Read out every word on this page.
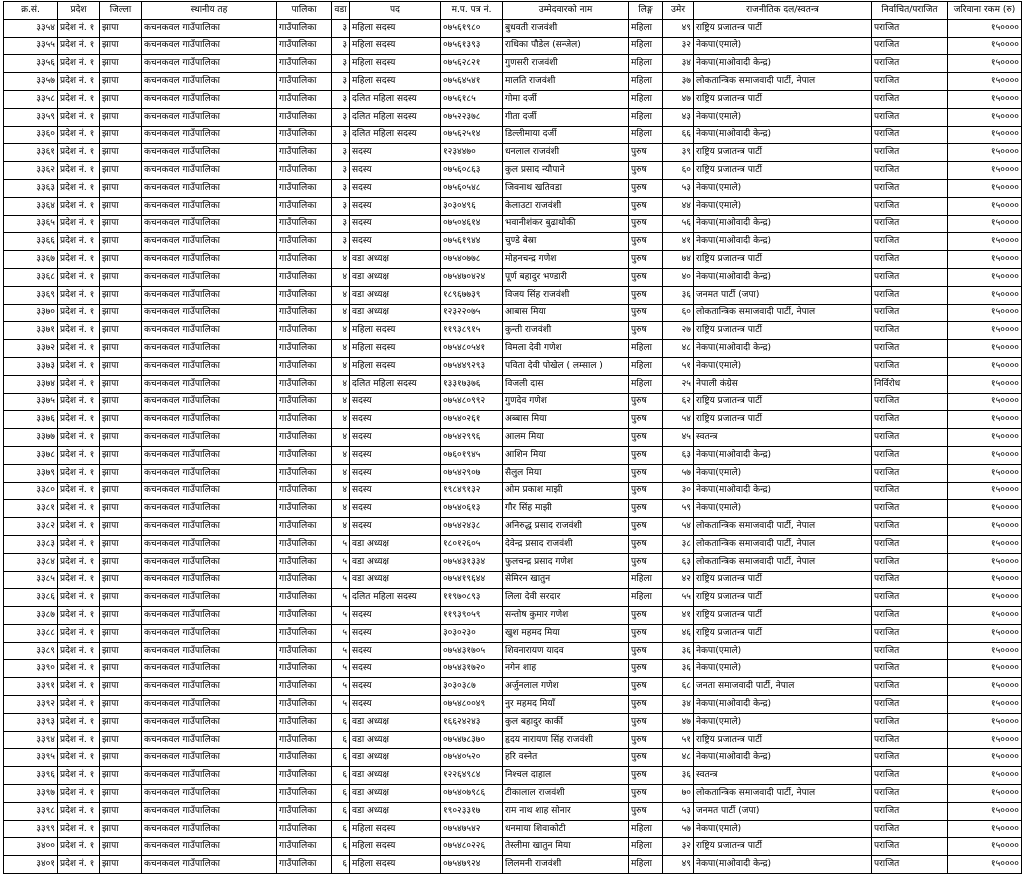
क्र.सं.	प्रदेश	जिल्ला	स्थानीय तह	पालिका	वडा	पद	म.प. पत्र नं.	उम्मेदवारको नाम	लिङ्ग	उमेर	राजनीतिक दल/स्वतन्त्र	निर्वाचित/पराजित	जरिवाना रकम (रु)
३३५४	प्रदेश नं. १	झापा	कचनकवल गाउँपालिका	गाउँपालिका	३	महिला सदस्य	०७५६१९८०	बुधवती राजवंशी	महिला	४९	राष्ट्रिय प्रजातन्त्र पार्टी	पराजित	१५००००
३३५५	प्रदेश नं. १	झापा	कचनकवल गाउँपालिका	गाउँपालिका	३	महिला सदस्य	०७५६१३९३	राधिका पौडेल (सन्जेल)	महिला	३२	नेकपा(एमाले)	पराजित	१५००००
३३५६	प्रदेश नं. १	झापा	कचनकवल गाउँपालिका	गाउँपालिका	३	महिला सदस्य	०७५६२८२१	गुणसरी राजवंशी	महिला	३४	नेकपा(माओवादी केन्द्र)	पराजित	१५००००
३३५७	प्रदेश नं. १	झापा	कचनकवल गाउँपालिका	गाउँपालिका	३	महिला सदस्य	०७५६४५४१	मालति राजवंशी	महिला	३७	लोकतान्त्रिक समाजवादी पार्टी, नेपाल	पराजित	१५००००
३३५८	प्रदेश नं. १	झापा	कचनकवल गाउँपालिका	गाउँपालिका	३	दलित महिला सदस्य	०७५६१८५	गोमा दर्जी	महिला	४७	राष्ट्रिय प्रजातन्त्र पार्टी	पराजित	१५००००
३३५९	प्रदेश नं. १	झापा	कचनकवल गाउँपालिका	गाउँपालिका	३	दलित महिला सदस्य	०७५२२३७८	गीता दर्जी	महिला	४३	नेकपा(एमाले)	पराजित	१५००००
३३६०	प्रदेश नं. १	झापा	कचनकवल गाउँपालिका	गाउँपालिका	३	दलित महिला सदस्य	०७५६२५१४	डिल्लीमाया दर्जी	महिला	६६	नेकपा(माओवादी केन्द्र)	पराजित	१५००००
३३६१	प्रदेश नं. १	झापा	कचनकवल गाउँपालिका	गाउँपालिका	३	सदस्य	१२३४४७०	धनलाल राजवंशी	पुरुष	३९	राष्ट्रिय प्रजातन्त्र पार्टी	पराजित	१५००००
३३६२	प्रदेश नं. १	झापा	कचनकवल गाउँपालिका	गाउँपालिका	३	सदस्य	०७५६०८६३	कुल प्रसाद न्यौपाने	पुरुष	६०	राष्ट्रिय प्रजातन्त्र पार्टी	पराजित	१५००००
३३६३	प्रदेश नं. १	झापा	कचनकवल गाउँपालिका	गाउँपालिका	३	सदस्य	०७५६०५४८	जिवनाथ खतिवडा	पुरुष	५३	नेकपा(एमाले)	पराजित	१५००००
३३६४	प्रदेश नं. १	झापा	कचनकवल गाउँपालिका	गाउँपालिका	३	सदस्य	३०३०४९६	केलाउटा राजवंशी	पुरुष	४४	नेकपा(एमाले)	पराजित	१५००००
३३६५	प्रदेश नं. १	झापा	कचनकवल गाउँपालिका	गाउँपालिका	३	सदस्य	०७५०४६१४	भवानीशंकर बुढाथोकी	पुरुष	५६	नेकपा(माओवादी केन्द्र)	पराजित	१५००००
३३६६	प्रदेश नं. १	झापा	कचनकवल गाउँपालिका	गाउँपालिका	३	सदस्य	०७५६१९४४	चुण्डे बेस्रा	पुरुष	४१	नेकपा(माओवादी केन्द्र)	पराजित	१५००००
३३६७	प्रदेश नं. १	झापा	कचनकवल गाउँपालिका	गाउँपालिका	४	वडा अध्यक्ष	०७५४०७७८	मोहनचन्द्र गणेश	पुरुष	७४	राष्ट्रिय प्रजातन्त्र पार्टी	पराजित	१५००००
३३६८	प्रदेश नं. १	झापा	कचनकवल गाउँपालिका	गाउँपालिका	४	वडा अध्यक्ष	०७५४७०४२४	पूर्ण बहादुर भण्डारी	पुरुष	४०	नेकपा(माओवादी केन्द्र)	पराजित	१५००००
३३६९	प्रदेश नं. १	झापा	कचनकवल गाउँपालिका	गाउँपालिका	४	वडा अध्यक्ष	१८९६७७३९	विजय सिंह राजवंशी	पुरुष	३६	जनमत पार्टी (जपा)	पराजित	१५००००
३३७०	प्रदेश नं. १	झापा	कचनकवल गाउँपालिका	गाउँपालिका	४	वडा अध्यक्ष	१२३२२०७५	आबास मिया	पुरुष	६०	लोकतान्त्रिक समाजवादी पार्टी, नेपाल	पराजित	१५००००
३३७१	प्रदेश नं. १	झापा	कचनकवल गाउँपालिका	गाउँपालिका	४	महिला सदस्य	११९३८९१५	कुन्ती राजवंशी	पुरुष	२७	राष्ट्रिय प्रजातन्त्र पार्टी	पराजित	१५००००
३३७२	प्रदेश नं. १	झापा	कचनकवल गाउँपालिका	गाउँपालिका	४	महिला सदस्य	०७५४८०५४१	विमला देवी गणेश	महिला	४८	नेकपा(माओवादी केन्द्र)	पराजित	१५००००
३३७३	प्रदेश नं. १	झापा	कचनकवल गाउँपालिका	गाउँपालिका	४	महिला सदस्य	०७५४४९२९३	पविता देवी पोखेल ( लम्साल )	महिला	५१	नेकपा(एमाले)	पराजित	१५००००
३३७४	प्रदेश नं. १	झापा	कचनकवल गाउँपालिका	गाउँपालिका	४	दलित महिला सदस्य	१३३१७३७६	विजली दास	महिला	२५	नेपाली कंग्रेस	निर्विरोध	१५००००
३३७५	प्रदेश नं. १	झापा	कचनकवल गाउँपालिका	गाउँपालिका	४	सदस्य	०७५४८०९९२	गुणदेव गणेश	पुरुष	६२	राष्ट्रिय प्रजातन्त्र पार्टी	पराजित	१५००००
३३७६	प्रदेश नं. १	झापा	कचनकवल गाउँपालिका	गाउँपालिका	४	सदस्य	०७५४०२६१	अब्बास मिया	पुरुष	५४	राष्ट्रिय प्रजातन्त्र पार्टी	पराजित	१५००००
३३७७	प्रदेश नं. १	झापा	कचनकवल गाउँपालिका	गाउँपालिका	४	सदस्य	०७५४२९९६	आलम मिया	पुरुष	४५	स्वतन्त्र	पराजित	१५००००
३३७८	प्रदेश नं. १	झापा	कचनकवल गाउँपालिका	गाउँपालिका	४	सदस्य	०७६०१९४५	आशिन मिया	पुरुष	६३	नेकपा(माओवादी केन्द्र)	पराजित	१५००००
३३७९	प्रदेश नं. १	झापा	कचनकवल गाउँपालिका	गाउँपालिका	४	सदस्य	०७५४२९०७	सैलुल मिया	पुरुष	५७	नेकपा(एमाले)	पराजित	१५००००
३३८०	प्रदेश नं. १	झापा	कचनकवल गाउँपालिका	गाउँपालिका	४	सदस्य	१९८४९१३२	ओम प्रकाश माझी	पुरुष	३०	नेकपा(माओवादी केन्द्र)	पराजित	१५००००
३३८१	प्रदेश नं. १	झापा	कचनकवल गाउँपालिका	गाउँपालिका	४	सदस्य	०७५४०६१३	गौर सिंह माझी	पुरुष	५९	नेकपा(एमाले)	पराजित	१५००००
३३८२	प्रदेश नं. १	झापा	कचनकवल गाउँपालिका	गाउँपालिका	४	सदस्य	०७५४२४३८	अनिरुद्ध प्रसाद राजवंशी	पुरुष	५४	लोकतान्त्रिक समाजवादी पार्टी, नेपाल	पराजित	१५००००
३३८३	प्रदेश नं. १	झापा	कचनकवल गाउँपालिका	गाउँपालिका	५	वडा अध्यक्ष	१८०१२६०५	देवेन्द्र प्रसाद राजवंशी	पुरुष	३८	लोकतान्त्रिक समाजवादी पार्टी, नेपाल	पराजित	१५००००
३३८४	प्रदेश नं. १	झापा	कचनकवल गाउँपालिका	गाउँपालिका	५	वडा अध्यक्ष	०७५४३१३३४	फुलचन्द्र प्रसाद गणेश	पुरुष	६३	लोकतान्त्रिक समाजवादी पार्टी, नेपाल	पराजित	१५००००
३३८५	प्रदेश नं. १	झापा	कचनकवल गाउँपालिका	गाउँपालिका	५	वडा अध्यक्ष	०७५४१९६४४	सेमिरन खातुन	महिला	४२	राष्ट्रिय प्रजातन्त्र पार्टी	पराजित	१५००००
३३८६	प्रदेश नं. १	झापा	कचनकवल गाउँपालिका	गाउँपालिका	५	दलित महिला सदस्य	११९७०८९३	लिला देवी सरदार	महिला	५५	राष्ट्रिय प्रजातन्त्र पार्टी	पराजित	१५००००
३३८७	प्रदेश नं. १	झापा	कचनकवल गाउँपालिका	गाउँपालिका	५	सदस्य	११९३९०५९	सन्तोष कुमार गणेश	पुरुष	४१	राष्ट्रिय प्रजातन्त्र पार्टी	पराजित	१५००००
३३८८	प्रदेश नं. १	झापा	कचनकवल गाउँपालिका	गाउँपालिका	५	सदस्य	३०३०२३०	खुश महमद मिया	पुरुष	४६	राष्ट्रिय प्रजातन्त्र पार्टी	पराजित	१५००००
३३८९	प्रदेश नं. १	झापा	कचनकवल गाउँपालिका	गाउँपालिका	५	सदस्य	०७५४३१७०५	शिवनारायण यादव	पुरुष	३६	नेकपा(एमाले)	पराजित	१५००००
३३९०	प्रदेश नं. १	झापा	कचनकवल गाउँपालिका	गाउँपालिका	५	सदस्य	०७५४३१७२०	नगेन शाह	पुरुष	३६	नेकपा(एमाले)	पराजित	१५००००
३३९१	प्रदेश नं. १	झापा	कचनकवल गाउँपालिका	गाउँपालिका	५	सदस्य	३०३०३८७	अर्जुनलाल गणेश	पुरुष	६८	जनता समाजवादी पार्टी, नेपाल	पराजित	१५००००
३३९२	प्रदेश नं. १	झापा	कचनकवल गाउँपालिका	गाउँपालिका	५	सदस्य	०७५४८००४९	नुर महमद मियाँ	पुरुष	३४	नेकपा(माओवादी केन्द्र)	पराजित	१५००००
३३९३	प्रदेश नं. १	झापा	कचनकवल गाउँपालिका	गाउँपालिका	६	वडा अध्यक्ष	१६६२४२४३	कुल बहादुर कार्की	पुरुष	४७	नेकपा(एमाले)	पराजित	१५००००
३३९४	प्रदेश नं. १	झापा	कचनकवल गाउँपालिका	गाउँपालिका	६	वडा अध्यक्ष	०७५४७८३७०	हृदय नारायण सिंह राजवंशी	पुरुष	५१	राष्ट्रिय प्रजातन्त्र पार्टी	पराजित	१५००००
३३९५	प्रदेश नं. १	झापा	कचनकवल गाउँपालिका	गाउँपालिका	६	वडा अध्यक्ष	०७५४०५२०	हरि वस्नेत	पुरुष	४८	नेकपा(माओवादी केन्द्र)	पराजित	१५००००
३३९६	प्रदेश नं. १	झापा	कचनकवल गाउँपालिका	गाउँपालिका	६	वडा अध्यक्ष	१२२६४९८४	निश्चल दाहाल	पुरुष	३६	स्वतन्त्र	पराजित	१५००००
३३९७	प्रदेश नं. १	झापा	कचनकवल गाउँपालिका	गाउँपालिका	६	वडा अध्यक्ष	०७५४०७९८६	टीकालाल राजवंशी	पुरुष	७०	लोकतान्त्रिक समाजवादी पार्टी, नेपाल	पराजित	१५००००
३३९८	प्रदेश नं. १	झापा	कचनकवल गाउँपालिका	गाउँपालिका	६	वडा अध्यक्ष	१९०२३३१७	राम नाथ शाह सोनार	पुरुष	५३	जनमत पार्टी (जपा)	पराजित	१५००००
३३९९	प्रदेश नं. १	झापा	कचनकवल गाउँपालिका	गाउँपालिका	६	महिला सदस्य	०७५४७५४२	धनमाया शिवाकोटी	महिला	५७	नेकपा(एमाले)	पराजित	१५००००
३४००	प्रदेश नं. १	झापा	कचनकवल गाउँपालिका	गाउँपालिका	६	महिला सदस्य	०७५४८०२२६	तेस्लीमा खातुन मिया	महिला	३२	राष्ट्रिय प्रजातन्त्र पार्टी	पराजित	१५००००
३४०१	प्रदेश नं. १	झापा	कचनकवल गाउँपालिका	गाउँपालिका	६	महिला सदस्य	०७५४७९२४	लिलमनी राजवंशी	महिला	४९	नेकपा(माओवादी केन्द्र)	पराजित	१५००००
